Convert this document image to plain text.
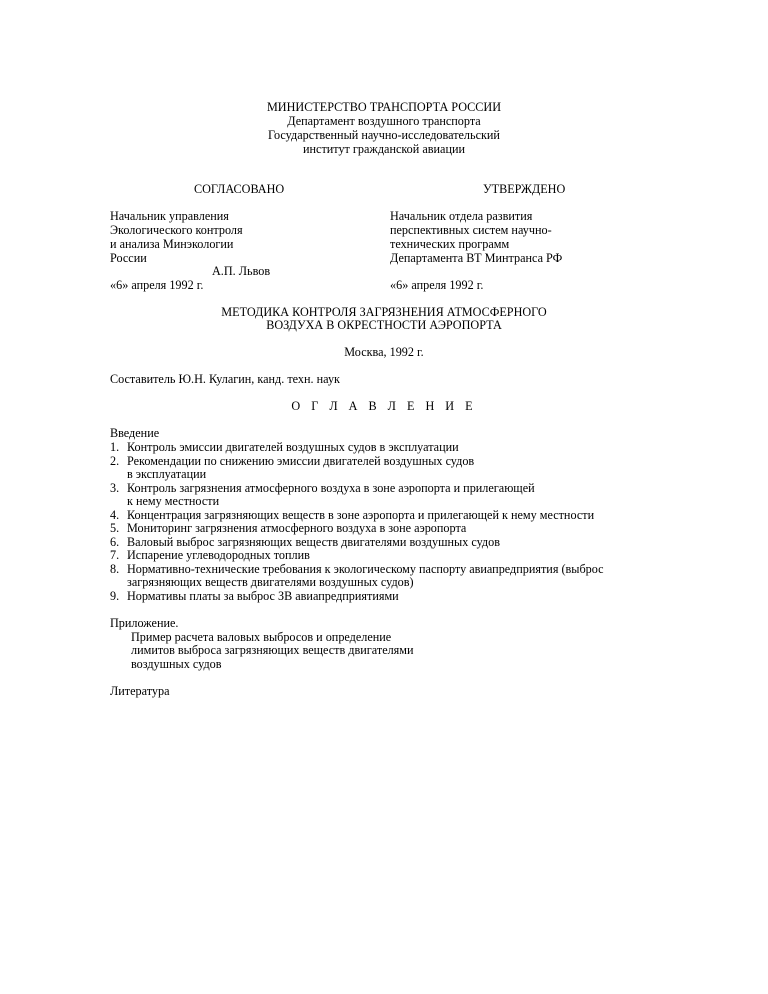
МИНИСТЕРСТВО ТРАНСПОРТА РОССИИ
Департамент воздушного транспорта
Государственный научно-исследовательский
институт гражданской авиации
СОГЛАСОВАНО	УТВЕРЖДЕНО
Начальник управления
Экологического контроля
и анализа Минэкологии
России
А.П. Львов
«6» апреля 1992 г.
Начальник отдела развития
перспективных систем научно-
технических программ
Департамента ВТ Минтранса РФ
«6» апреля 1992 г.
МЕТОДИКА КОНТРОЛЯ ЗАГРЯЗНЕНИЯ АТМОСФЕРНОГО
ВОЗДУХА В ОКРЕСТНОСТИ АЭРОПОРТА
Москва, 1992 г.
Составитель Ю.Н. Кулагин, канд. техн. наук
О Г Л А В Л Е Н И Е
Введение
1. Контроль эмиссии двигателей воздушных судов в эксплуатации
2. Рекомендации по снижению эмиссии двигателей воздушных судов
в эксплуатации
3. Контроль загрязнения атмосферного воздуха в зоне аэропорта и прилегающей
к нему местности
4. Концентрация загрязняющих веществ в зоне аэропорта и прилегающей к нему местности
5. Мониторинг загрязнения атмосферного воздуха в зоне аэропорта
6. Валовый выброс загрязняющих веществ двигателями воздушных судов
7. Испарение углеводородных топлив
8. Нормативно-технические требования к экологическому паспорту авиапредприятия (выброс
загрязняющих веществ двигателями воздушных судов)
9. Нормативы платы за выброс ЗВ авиапредприятиями
Приложение.
Пример расчета валовых выбросов и определение
лимитов выброса загрязняющих веществ двигателями
воздушных судов
Литература
